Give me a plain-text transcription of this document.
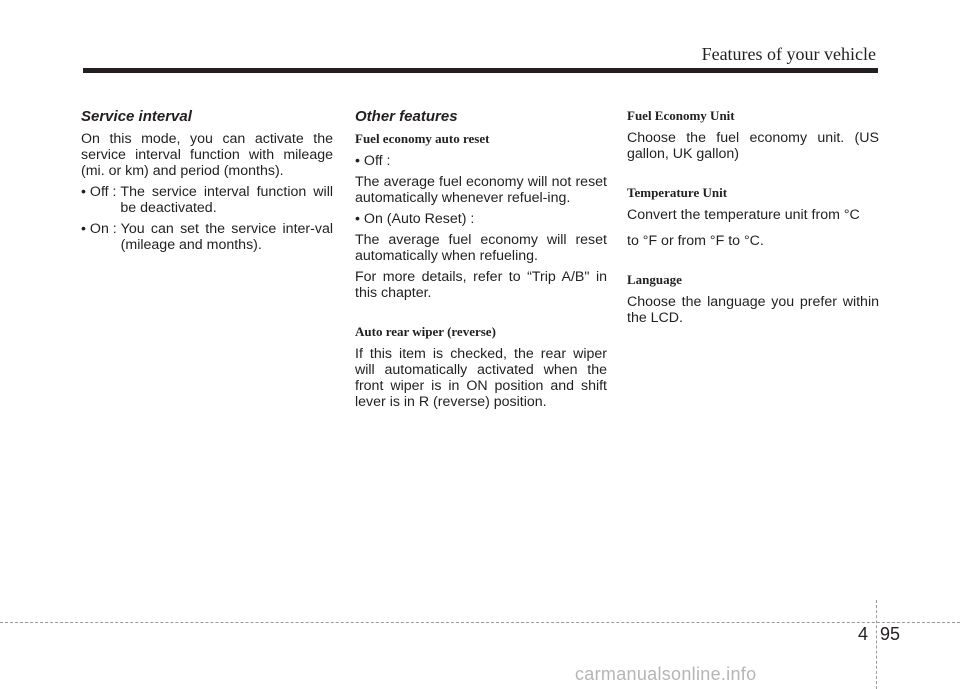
Features of your vehicle
Service interval

On this mode, you can activate the service interval function with mileage (mi. or km) and period (months).

• Off : The service interval function will be deactivated.
• On : You can set the service inter-val (mileage and months).
Other features
Fuel economy auto reset

• Off :

The average fuel economy will not reset automatically whenever refuel-ing.

• On (Auto Reset) :

The average fuel economy will reset automatically when refueling.

For more details, refer to “Trip A/B" in this chapter.

Auto rear wiper (reverse)

If this item is checked, the rear wiper will automatically activated when the front wiper is in ON position and shift lever is in R (reverse) position.

Fuel Economy Unit

Choose the fuel economy unit. (US gallon, UK gallon)

Temperature Unit

Convert the temperature unit from °C

to °F or from °F to °C.

Language

Choose the language you prefer within the LCD.

4 95
carmanualsonline.info
